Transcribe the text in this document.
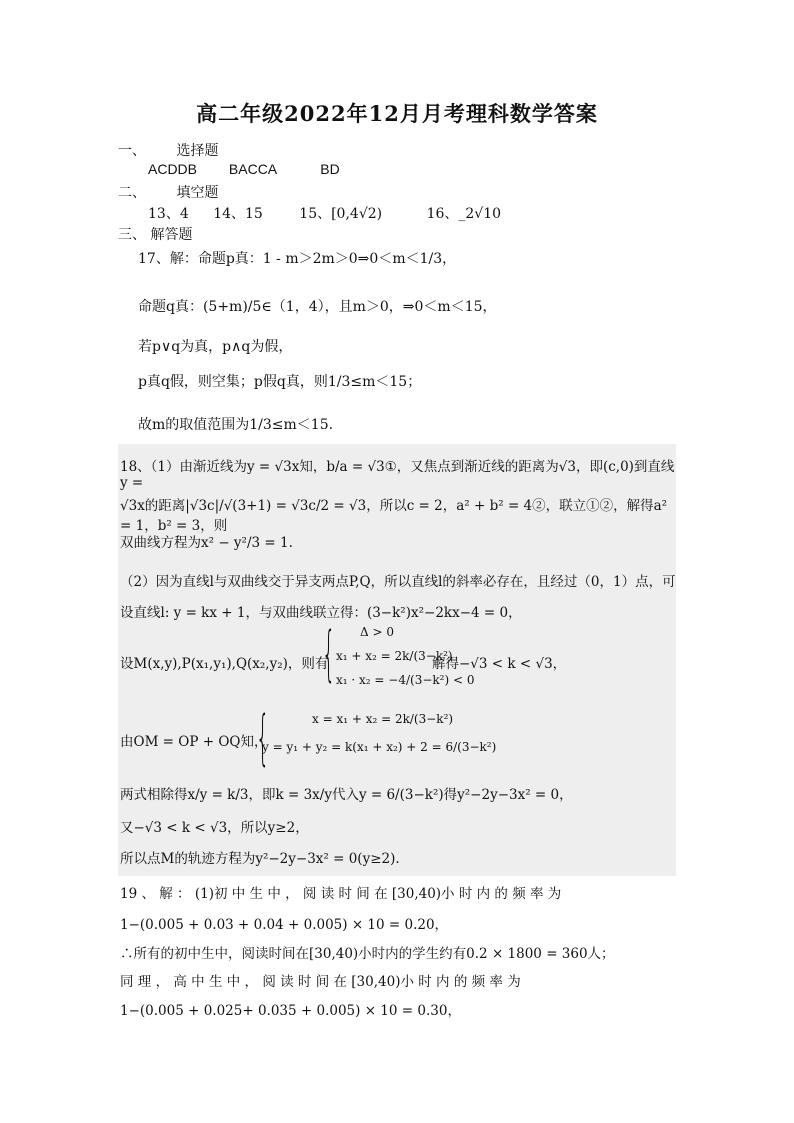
高二年级2022年12月月考理科数学答案
一、 选择题
ACDDB BACCA	BD
二、 填空题
13、4 14、15	15、[0,4√2)	16、_2√10
三、 解答题
17、解：命题p真：1 - m＞2m＞0⇒0＜m＜1/3，
命题q真：(5+m)/5∈（1，4），且m＞0，⇒0＜m＜15，
若p∨q为真，p∧q为假，
p真q假，则空集；p假q真，则1/3≤m＜15；
故m的取值范围为1/3≤m＜15.
18、（1）由渐近线为y = √3x知，b/a = √3①，又焦点到渐近线的距离为√3，即(c,0)到直线y =
√3x的距离|√3c|/√(3+1) = √3c/2 = √3，所以c = 2，a² + b² = 4②，联立①②，解得a² = 1，b² = 3，则
双曲线方程为x² − y²/3 = 1.
（2）因为直线l与双曲线交于异支两点P,Q，所以直线l的斜率必存在，且经过（0，1）点，可
设直线l: y = kx + 1，与双曲线联立得：(3−k²)x²−2kx−4 = 0，
设M(x,y),P(x₁,y₁),Q(x₂,y₂)，则有
{ Δ > 0
x₁ + x₂ = 2k/(3−k²)
x₁ · x₂ = −4/(3−k²) < 0
解得−√3 < k < √3，
由OM = OP + OQ知，
{	x = x₁ + x₂ = 2k/(3−k²)
y = y₁ + y₂ = k(x₁ + x₂) + 2 = 6/(3−k²)
两式相除得x/y = k/3，即k = 3x/y代入y = 6/(3−k²)得y²−2y−3x² = 0，
又−√3 < k < √3，所以y≥2，
所以点M的轨迹方程为y²−2y−3x² = 0(y≥2).
19 、 解 ： (1)初 中 生 中 ， 阅 读 时 间 在 [30,40)小 时 内 的 频 率 为
1−(0.005 + 0.03 + 0.04 + 0.005) × 10 = 0.20，
∴所有的初中生中，阅读时间在[30,40)小时内的学生约有0.2 × 1800 = 360人；
同 理 ， 高 中 生 中 ， 阅 读 时 间 在 [30,40)小 时 内 的 频 率 为
1−(0.005 + 0.025+ 0.035 + 0.005) × 10 = 0.30，
